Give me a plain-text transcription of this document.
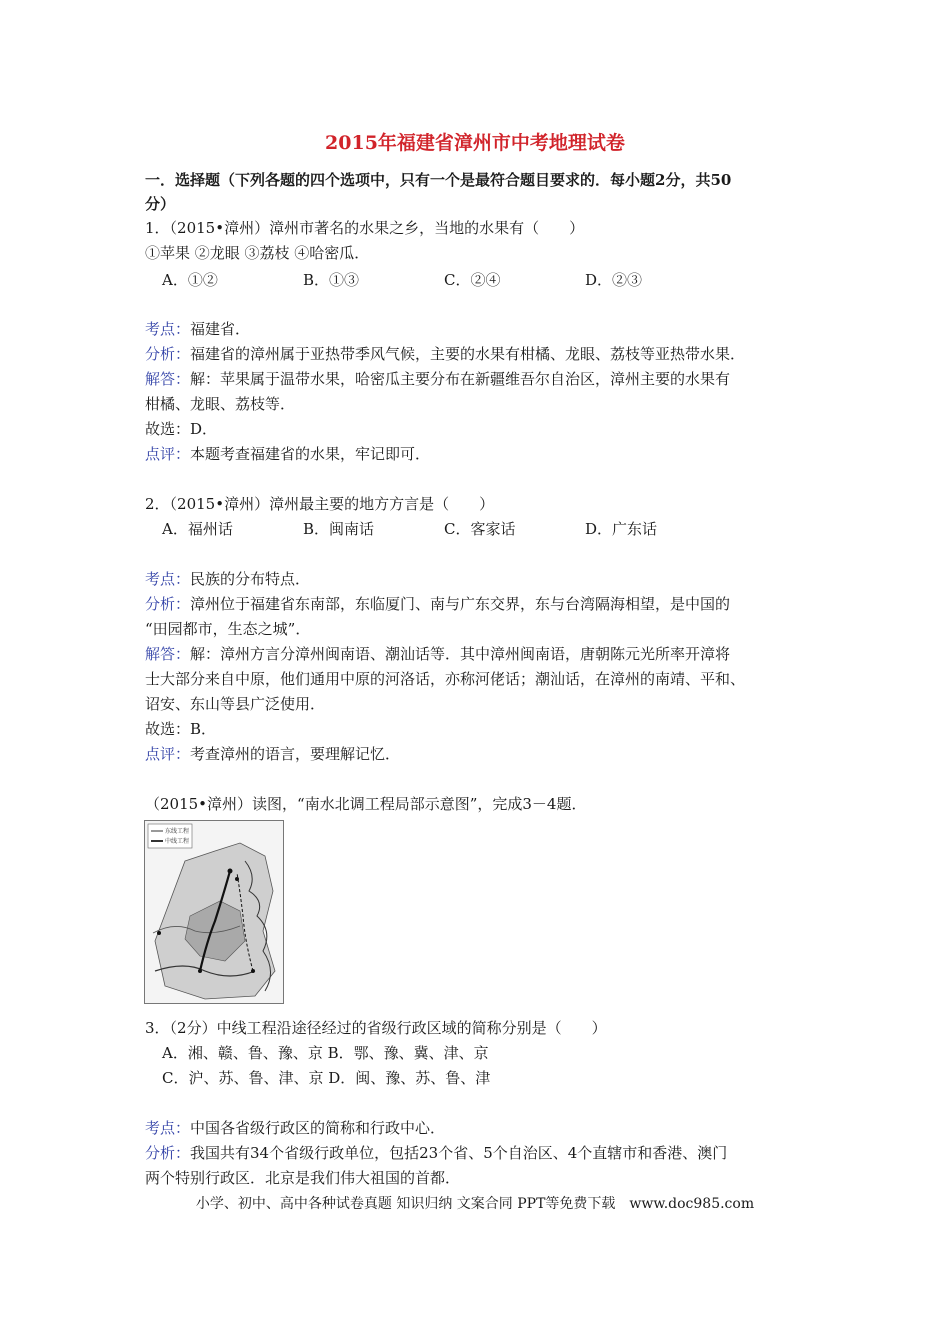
2015年福建省漳州市中考地理试卷
一．选择题（下列各题的四个选项中，只有一个是最符合题目要求的．每小题2分，共50
分）
1．（2015•漳州）漳州市著名的水果之乡，当地的水果有（　　）
①苹果 ②龙眼 ③荔枝 ④哈密瓜．
A．①②	B．①③	C．②④	D．②③
考点：福建省．
分析：福建省的漳州属于亚热带季风气候，主要的水果有柑橘、龙眼、荔枝等亚热带水果．
解答：解：苹果属于温带水果，哈密瓜主要分布在新疆维吾尔自治区，漳州主要的水果有
柑橘、龙眼、荔枝等．
故选：D．
点评：本题考查福建省的水果，牢记即可．
2．（2015•漳州）漳州最主要的地方方言是（　　）
A．福州话	B．闽南话	C．客家话	D．广东话
考点：民族的分布特点．
分析：漳州位于福建省东南部，东临厦门、南与广东交界，东与台湾隔海相望，是中国的
“田园都市，生态之城”．
解答：解：漳州方言分漳州闽南语、潮汕话等．其中漳州闽南语，唐朝陈元光所率开漳将
士大部分来自中原，他们通用中原的河洛话，亦称河佬话；潮汕话，在漳州的南靖、平和、
诏安、东山等县广泛使用．
故选：B．
点评：考查漳州的语言，要理解记忆．
（2015•漳州）读图，“南水北调工程局部示意图”，完成3－4题．
东线工程
中线工程
3．（2分）中线工程沿途径经过的省级行政区域的简称分别是（　　）
A．湘、赣、鲁、豫、京 B．鄂、豫、冀、津、京
C．沪、苏、鲁、津、京 D．闽、豫、苏、鲁、津
考点：中国各省级行政区的简称和行政中心．
分析：我国共有34个省级行政单位，包括23个省、5个自治区、4个直辖市和香港、澳门
两个特别行政区．北京是我们伟大祖国的首都．
小学、初中、高中各种试卷真题 知识归纳 文案合同 PPT等免费下载　www.doc985.com
